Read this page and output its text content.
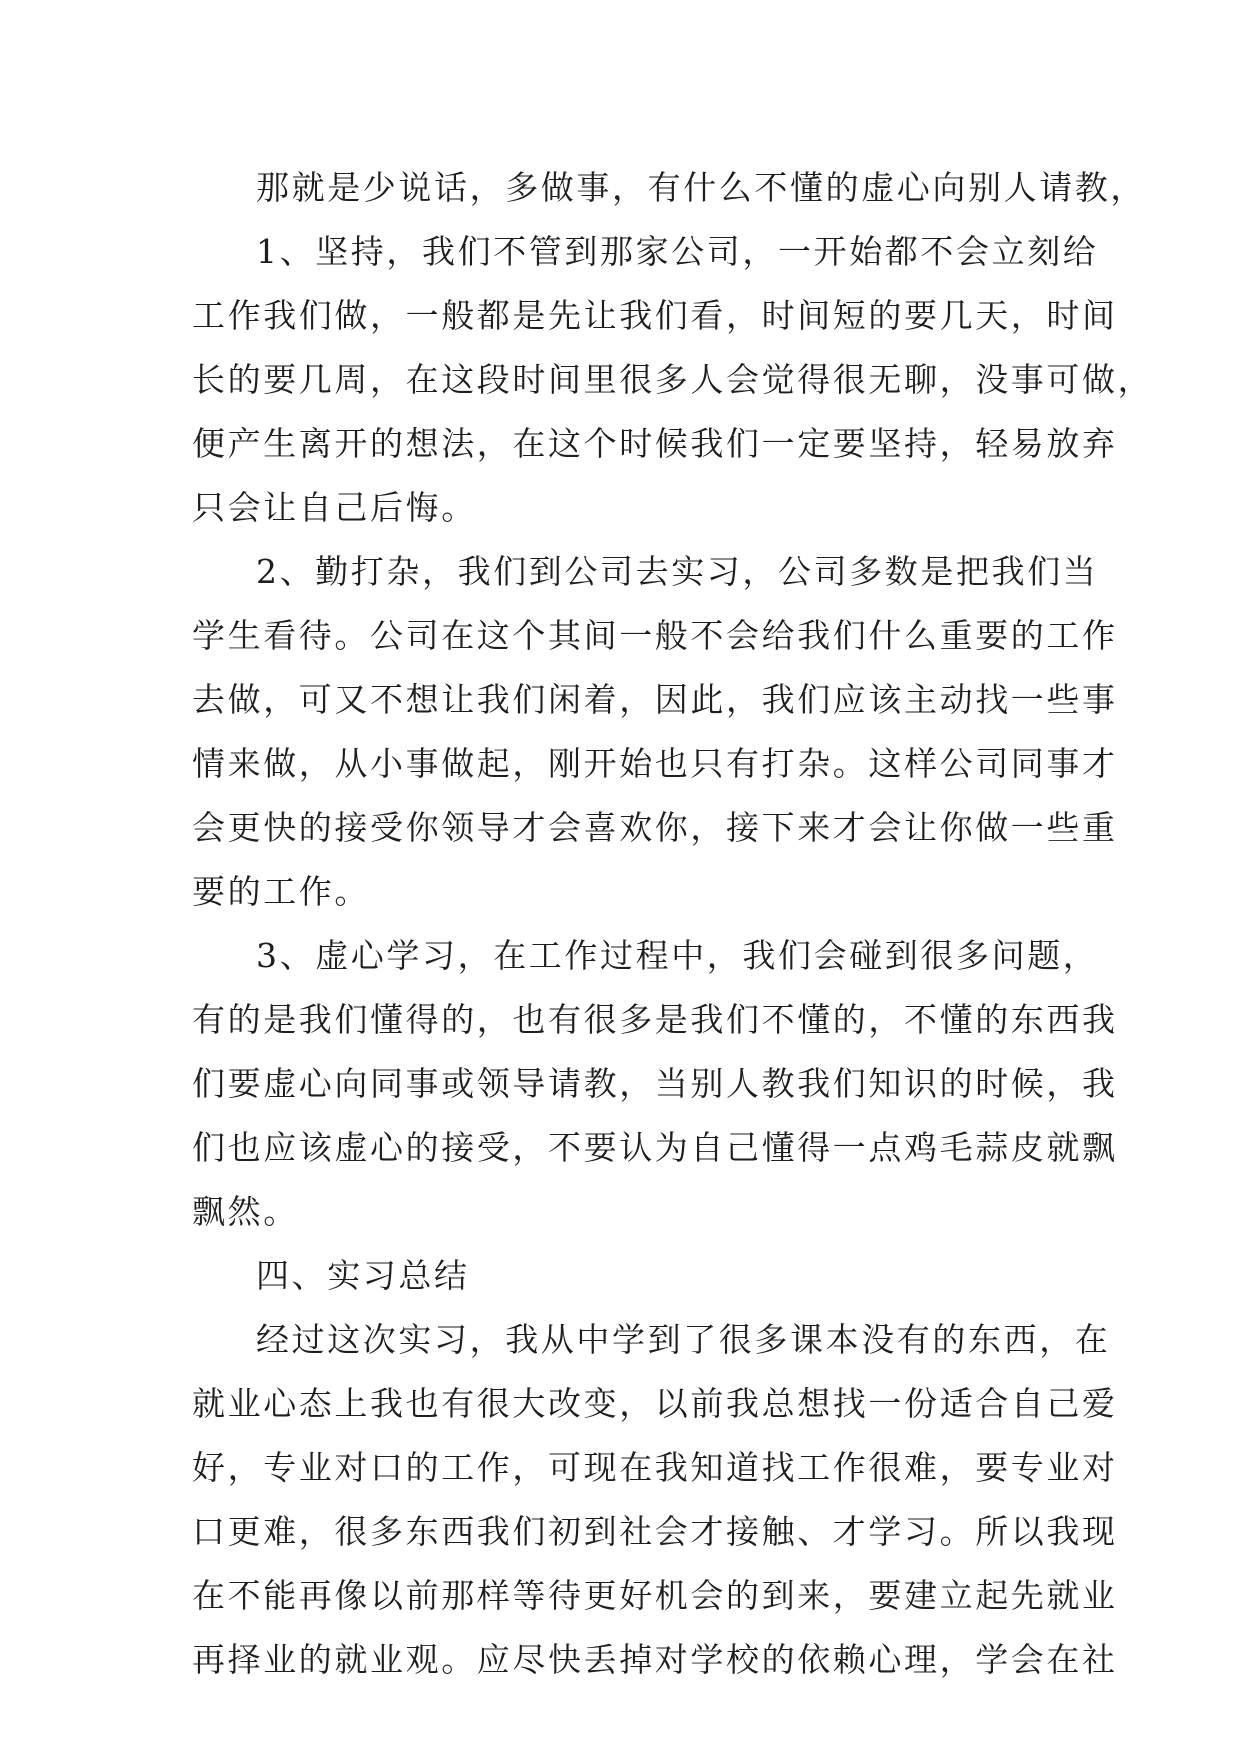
那就是少说话，多做事，有什么不懂的虚心向别人请教，
1、坚持，我们不管到那家公司，一开始都不会立刻给
工作我们做，一般都是先让我们看，时间短的要几天，时间
长的要几周，在这段时间里很多人会觉得很无聊，没事可做，
便产生离开的想法，在这个时候我们一定要坚持，轻易放弃
只会让自己后悔。
2、勤打杂，我们到公司去实习，公司多数是把我们当
学生看待。公司在这个其间一般不会给我们什么重要的工作
去做，可又不想让我们闲着，因此，我们应该主动找一些事
情来做，从小事做起，刚开始也只有打杂。这样公司同事才
会更快的接受你领导才会喜欢你，接下来才会让你做一些重
要的工作。
3、虚心学习，在工作过程中，我们会碰到很多问题，
有的是我们懂得的，也有很多是我们不懂的，不懂的东西我
们要虚心向同事或领导请教，当别人教我们知识的时候，我
们也应该虚心的接受，不要认为自己懂得一点鸡毛蒜皮就飘
飘然。
四、实习总结
经过这次实习，我从中学到了很多课本没有的东西，在
就业心态上我也有很大改变，以前我总想找一份适合自己爱
好，专业对口的工作，可现在我知道找工作很难，要专业对
口更难，很多东西我们初到社会才接触、才学习。所以我现
在不能再像以前那样等待更好机会的到来，要建立起先就业
再择业的就业观。应尽快丢掉对学校的依赖心理，学会在社
